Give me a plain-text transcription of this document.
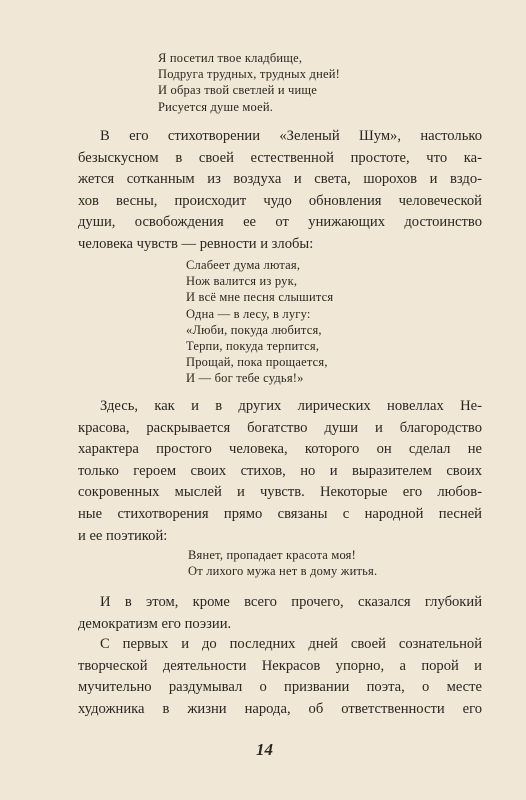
Я посетил твое кладбище,
Подруга трудных, трудных дней!
И образ твой светлей и чище
Рисуется душе моей.
В его стихотворении «Зеленый Шум», настолько
безыскусном в своей естественной простоте, что ка-
жется сотканным из воздуха и света, шорохов и вздо-
хов весны, происходит чудо обновления человеческой
души, освобождения ее от унижающих достоинство
человека чувств — ревности и злобы:
Слабеет дума лютая,
Нож валится из рук,
И всё мне песня слышится
Одна — в лесу, в лугу:
«Люби, покуда любится,
Терпи, покуда терпится,
Прощай, пока прощается,
И — бог тебе судья!»
Здесь, как и в других лирических новеллах Не-
красова, раскрывается богатство души и благородство
характера простого человека, которого он сделал не
только героем своих стихов, но и выразителем своих
сокровенных мыслей и чувств. Некоторые его любов-
ные стихотворения прямо связаны с народной песней
и ее поэтикой:
Вянет, пропадает красота моя!
От лихого мужа нет в дому житья.
И в этом, кроме всего прочего, сказался глубокий
демократизм его поэзии.
С первых и до последних дней своей сознательной
творческой деятельности Некрасов упорно, а порой и
мучительно раздумывал о призвании поэта, о месте
художника в жизни народа, об ответственности его
14
